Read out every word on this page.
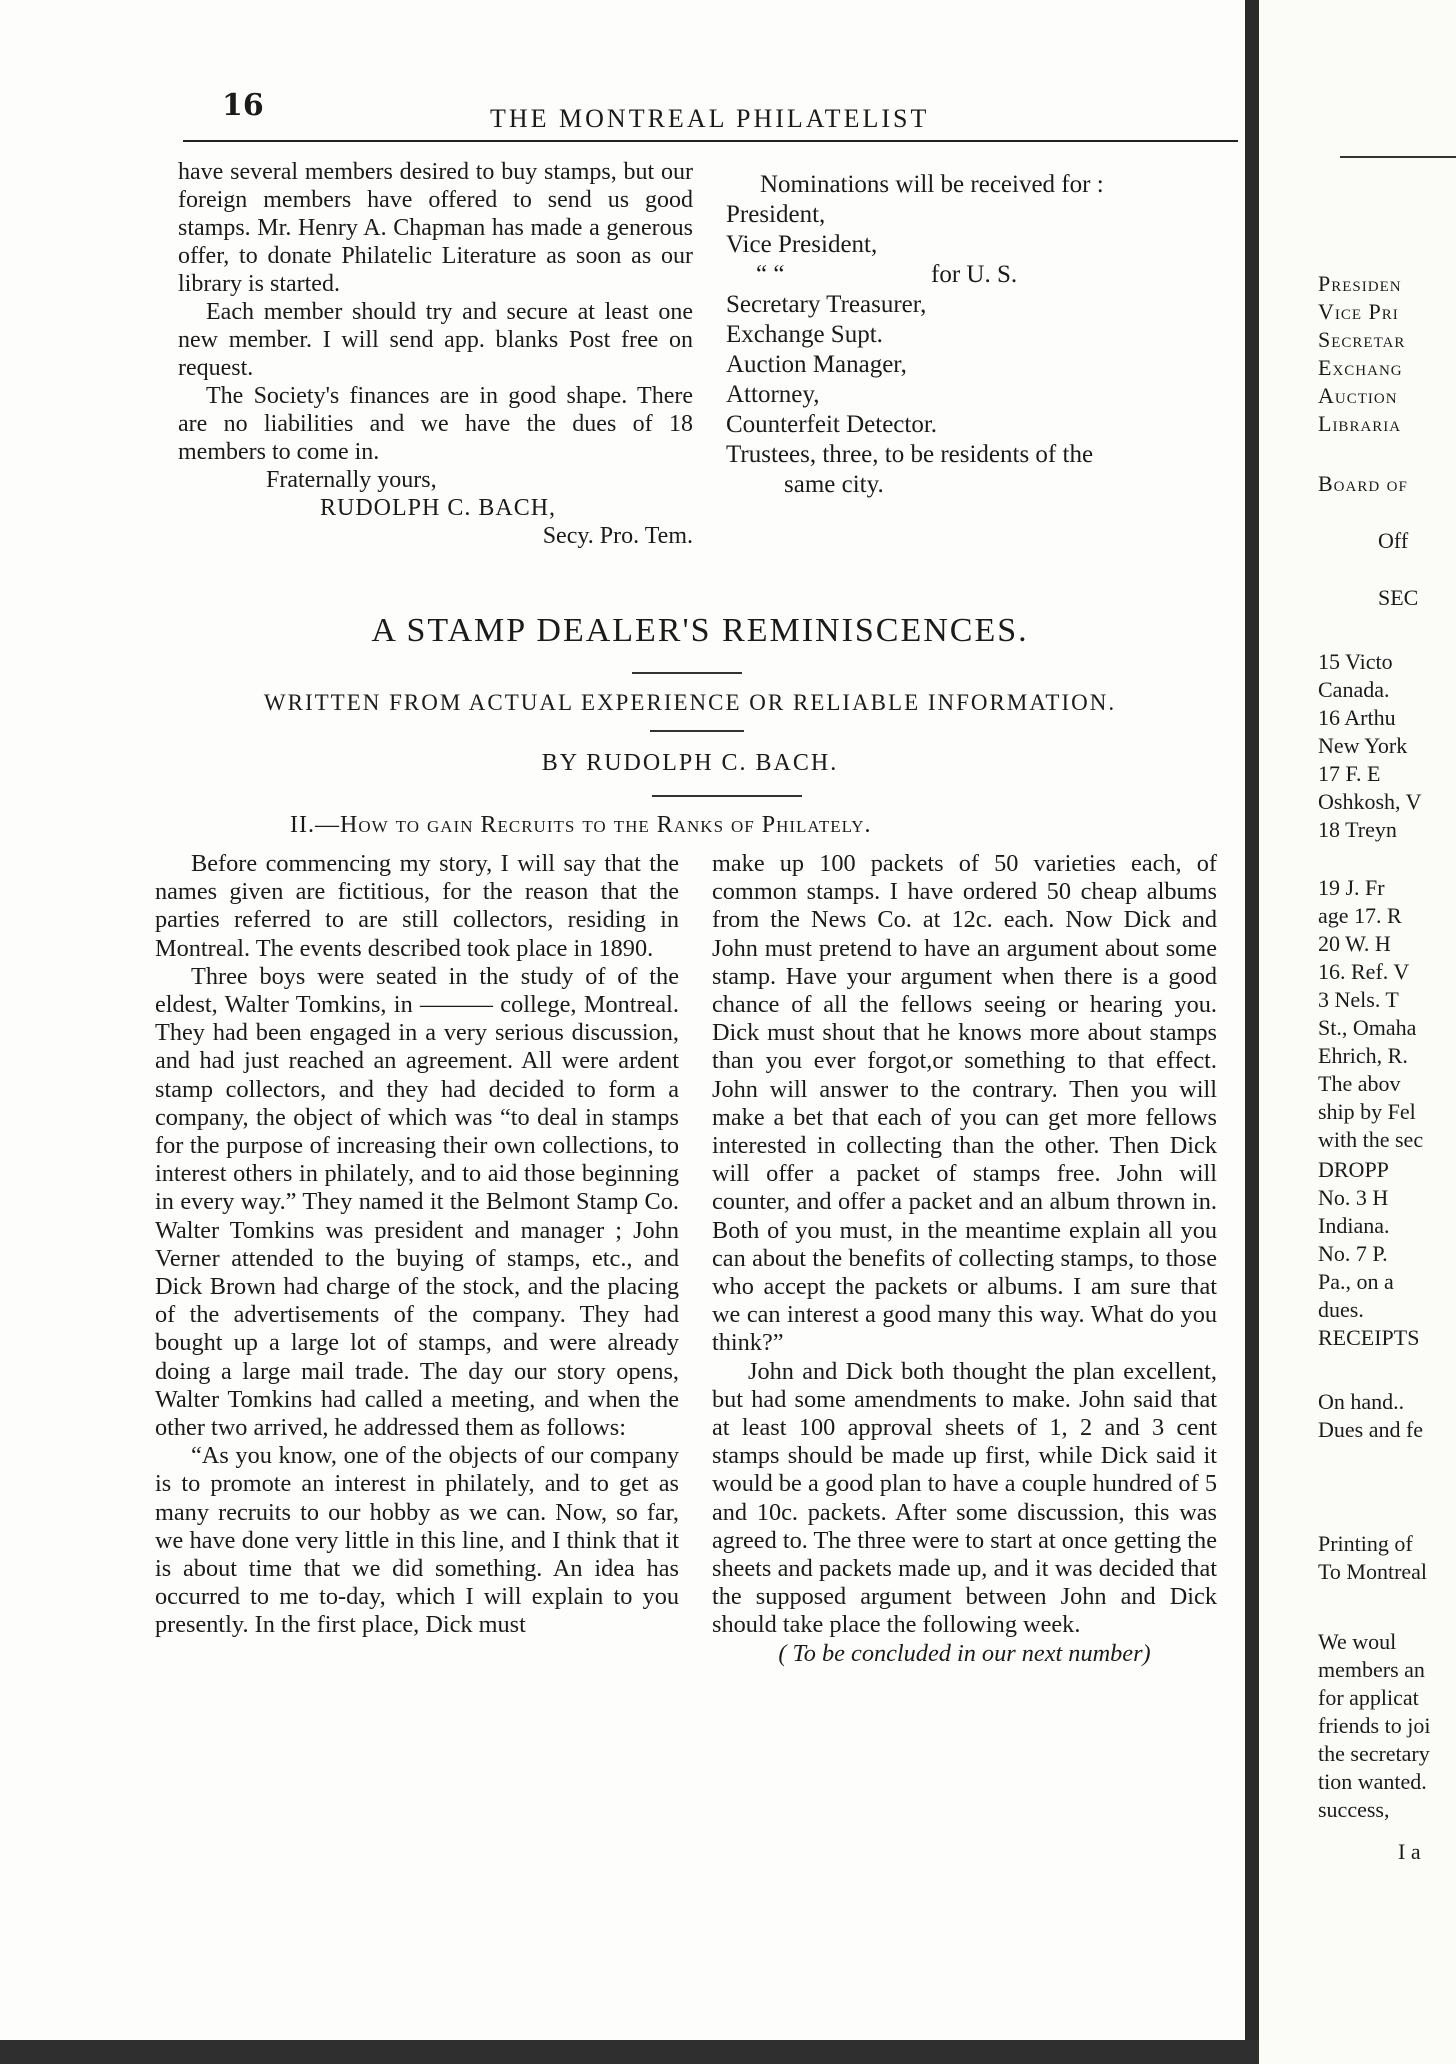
16	THE MONTREAL PHILATELIST

have several members desired to buy stamps, but our foreign members have offered to send us good stamps. Mr. Henry A. Chapman has made a generous offer, to donate Philatelic Literature as soon as our library is started.

Each member should try and secure at least one new member. I will send app. blanks Post free on request.

The Society's finances are in good shape. There are no liabilities and we have the dues of 18 members to come in.

Fraternally yours,

RUDOLPH C. BACH,

Secy. Pro. Tem.

Nominations will be received for :

President,

Vice President,

“ “	for U. S.

Secretary Treasurer,

Exchange Supt.

Auction Manager,

Attorney,

Counterfeit Detector.

Trustees, three, to be residents of the

same city.

A STAMP DEALER'S REMINISCENCES.
WRITTEN FROM ACTUAL EXPERIENCE OR RELIABLE INFORMATION.
BY RUDOLPH C. BACH.
II.—How to gain Recruits to the Ranks of Philately.

Before commencing my story, I will say that the names given are fictitious, for the reason that the parties referred to are still collectors, residing in Montreal. The events described took place in 1890.

Three boys were seated in the study of of the eldest, Walter Tomkins, in ——— college, Montreal. They had been engaged in a very serious discussion, and had just reached an agreement. All were ardent stamp collectors, and they had decided to form a company, the object of which was “to deal in stamps for the purpose of increasing their own collections, to interest others in philately, and to aid those beginning in every way.” They named it the Belmont Stamp Co. Walter Tomkins was president and manager ; John Verner attended to the buying of stamps, etc., and Dick Brown had charge of the stock, and the placing of the advertisements of the company. They had bought up a large lot of stamps, and were already doing a large mail trade. The day our story opens, Walter Tomkins had called a meeting, and when the other two arrived, he addressed them as follows:

“As you know, one of the objects of our company is to promote an interest in philately, and to get as many recruits to our hobby as we can. Now, so far, we have done very little in this line, and I think that it is about time that we did something. An idea has occurred to me to-day, which I will explain to you presently. In the first place, Dick must

make up 100 packets of 50 varieties each, of common stamps. I have ordered 50 cheap albums from the News Co. at 12c. each. Now Dick and John must pretend to have an argument about some stamp. Have your argument when there is a good chance of all the fellows seeing or hearing you. Dick must shout that he knows more about stamps than you ever forgot,or something to that effect. John will answer to the contrary. Then you will make a bet that each of you can get more fellows interested in collecting than the other. Then Dick will offer a packet of stamps free. John will counter, and offer a packet and an album thrown in. Both of you must, in the meantime explain all you can about the benefits of collecting stamps, to those who accept the packets or albums. I am sure that we can interest a good many this way. What do you think?”

John and Dick both thought the plan excellent, but had some amendments to make. John said that at least 100 approval sheets of 1, 2 and 3 cent stamps should be made up first, while Dick said it would be a good plan to have a couple hundred of 5 and 10c. packets. After some discussion, this was agreed to. The three were to start at once getting the sheets and packets made up, and it was decided that the supposed argument between John and Dick should take place the following week.

( To be concluded in our next number)

Presiden
Vice Pri
Secretar
Exchang
Auction
Libraria
Board of
Off
SEC
15 Victo
Canada.
16 Arthu
New York
17 F. E
Oshkosh, V
18 Treyn
19 J. Fr
age 17. R
20 W. H
16. Ref. V
3 Nels. T
St., Omaha
Ehrich, R.
The abov
ship by Fel
with the sec
DROPP
No. 3 H
Indiana.
No. 7 P.
Pa., on a
dues.
RECEIPTS
On hand..
Dues and fe
Printing of
To Montreal
We woul
members an
for applicat
friends to joi
the secretary
tion wanted.
success,
I a
